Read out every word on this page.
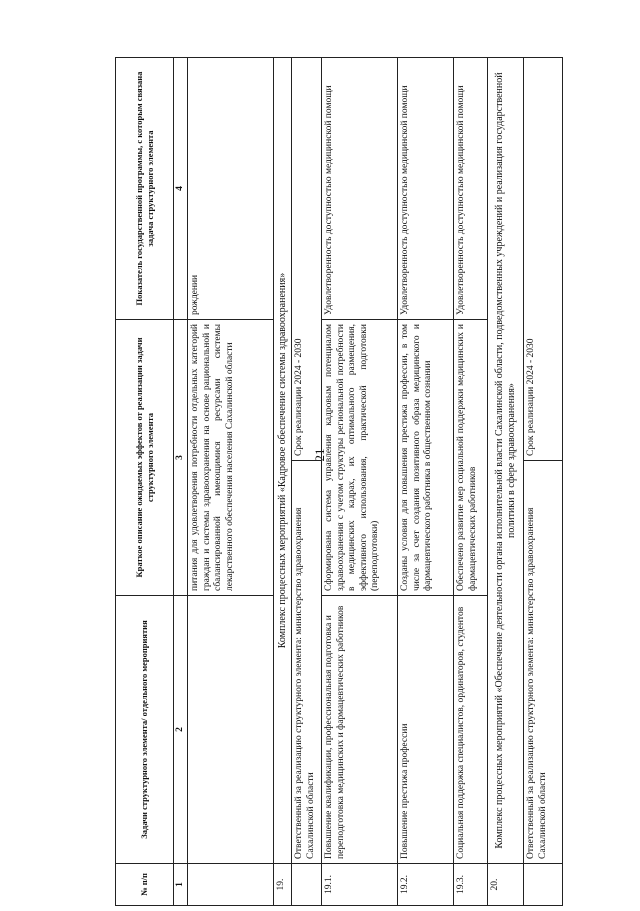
21
№ п/п	Задачи структурного элемента/ отдельного мероприятия	Краткое описание ожидаемых эффектов от реализации задачи структурного элемента	Показатель государственной программы, с которым связана задача структурного элемента
1	2	3	4
		питания для удовлетворения потребности отдельных категорий граждан и системы здравоохранения на основе рациональной и сбалансированной имеющимися ресурсами системы лекарственного обеспечения населения Сахалинской области	рождении
19.	Комплекс процессных мероприятий «Кадровое обеспечение системы здравоохранения»		

	Ответственный за реализацию структурного элемента: министерство здравоохранения Сахалинской области
Срок реализации 2024 - 2030		

19.1.	Повышение квалификации, профессиональная подготовка и переподготовка медицинских и фармацевтических работников	Сформирована система управления кадровым потенциалом здравоохранения с учетом структуры региональной потребности в медицинских кадрах, их оптимального размещения, эффективного использования, практической подготовки (переподготовки)	Удовлетворенность доступностью медицинской помощи
19.2.	Повышение престижа профессии	Созданы условия для повышения престижа профессии, в том числе за счет создания позитивного образа медицинского и фармацевтического работника в общественном сознании	Удовлетворенность доступностью медицинской помощи
19.3.	Социальная поддержка специалистов, ординаторов, студентов	Обеспечено развитие мер социальной поддержки медицинских и фармацевтических работников	Удовлетворенность доступностью медицинской помощи
20.	Комплекс процессных мероприятий «Обеспечение деятельности органа исполнительной власти Сахалинской области, подведомственных учреждений и реализация государственной политики в сфере здравоохранения»		

	Ответственный за реализацию структурного элемента: министерство здравоохранения Сахалинской области
Срок реализации 2024 - 2030		
